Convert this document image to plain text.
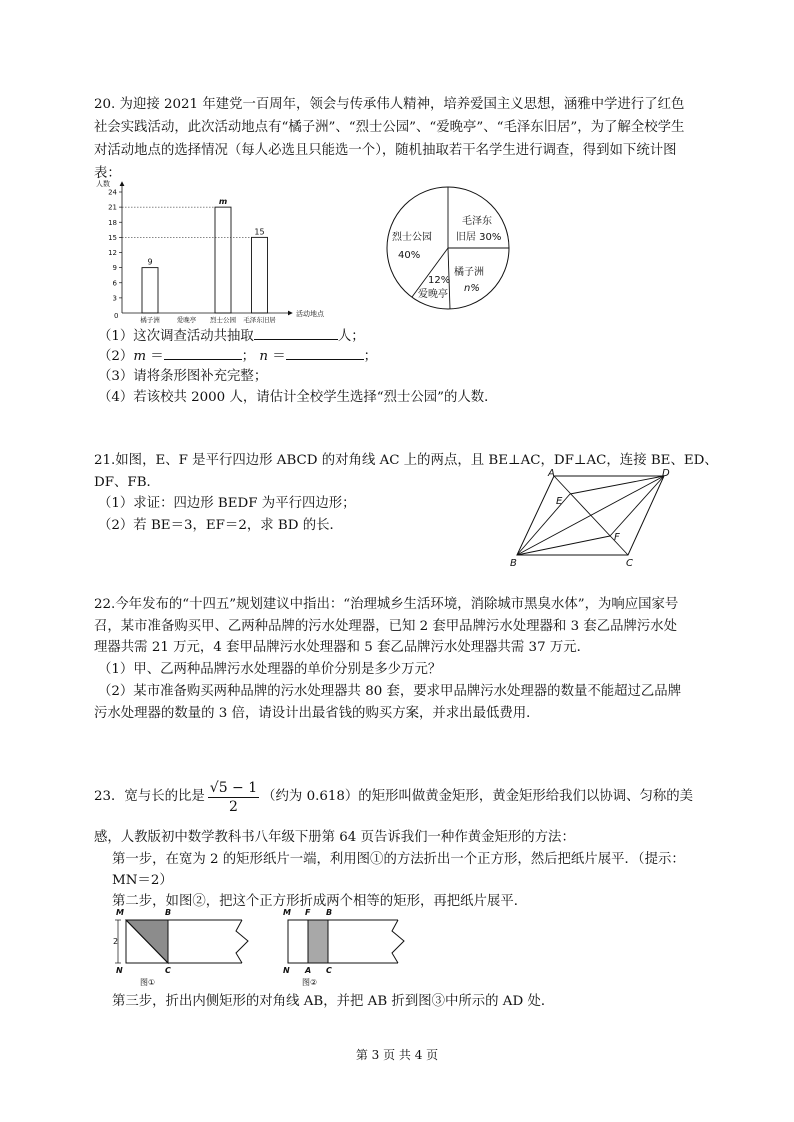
20. 为迎接 2021 年建党一百周年，领会与传承伟人精神，培养爱国主义思想，涵雅中学进行了红色
社会实践活动，此次活动地点有“橘子洲”、“烈士公园”、“爱晚亭”、“毛泽东旧居”，为了解全校学生
对活动地点的选择情况（每人必选且只能选一个），随机抽取若干名学生进行调查，得到如下统计图
表：
人数
活动地点
0
3
6
9
12
15
18
21
24
橘子洲	爱晚亭 烈士公园 毛泽东旧居
9
m
15
烈士公园
40%
毛泽东
旧居 30%
橘子洲
n%
12%
爱晚亭
（1）这次调查活动共抽取	人；
（2）m ＝	； n ＝	；
（3）请将条形图补充完整；
（4）若该校共 2000 人，请估计全校学生选择“烈士公园”的人数．
21.如图，E、F 是平行四边形 ABCD 的对角线 AC 上的两点，且 BE⊥AC，DF⊥AC，连接 BE、ED、
DF、FB．
（1）求证：四边形 BEDF 为平行四边形；
（2）若 BE＝3，EF＝2，求 BD 的长．
A	D
E
F
B	C
22.今年发布的“十四五”规划建议中指出：“治理城乡生活环境，消除城市黑臭水体”，为响应国家号
召，某市准备购买甲、乙两种品牌的污水处理器，已知 2 套甲品牌污水处理器和 3 套乙品牌污水处
理器共需 21 万元，4 套甲品牌污水处理器和 5 套乙品牌污水处理器共需 37 万元．
（1）甲、乙两种品牌污水处理器的单价分别是多少万元？
（2）某市准备购买两种品牌的污水处理器共 80 套，要求甲品牌污水处理器的数量不能超过乙品牌
污水处理器的数量的 3 倍，请设计出最省钱的购买方案，并求出最低费用．
23．宽与长的比是 $\frac{√5 - 1}{2}$ （约为 0.618）的矩形叫做黄金矩形，黄金矩形给我们以协调、匀称的美
感，人教版初中数学教科书八年级下册第 64 页告诉我们一种作黄金矩形的方法：
第一步，在宽为 2 的矩形纸片一端，利用图①的方法折出一个正方形，然后把纸片展平．（提示：
MN＝2）
第二步，如图②，把这个正方形折成两个相等的矩形，再把纸片展平．
M	B
2
N	C
图①
M F B
N A C
图②
第三步，折出内侧矩形的对角线 AB，并把 AB 折到图③中所示的 AD 处．
第 3 页 共 4 页
